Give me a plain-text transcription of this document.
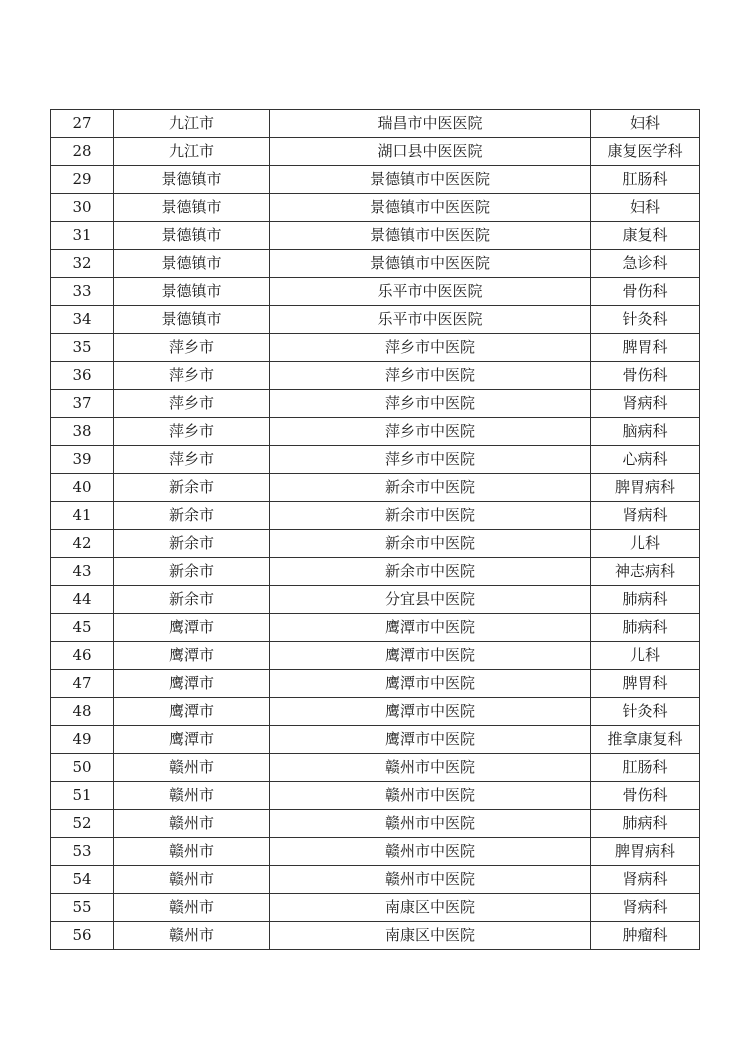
27	九江市	瑞昌市中医医院	妇科
28	九江市	湖口县中医医院	康复医学科
29	景德镇市	景德镇市中医医院	肛肠科
30	景德镇市	景德镇市中医医院	妇科
31	景德镇市	景德镇市中医医院	康复科
32	景德镇市	景德镇市中医医院	急诊科
33	景德镇市	乐平市中医医院	骨伤科
34	景德镇市	乐平市中医医院	针灸科
35	萍乡市	萍乡市中医院	脾胃科
36	萍乡市	萍乡市中医院	骨伤科
37	萍乡市	萍乡市中医院	肾病科
38	萍乡市	萍乡市中医院	脑病科
39	萍乡市	萍乡市中医院	心病科
40	新余市	新余市中医院	脾胃病科
41	新余市	新余市中医院	肾病科
42	新余市	新余市中医院	儿科
43	新余市	新余市中医院	神志病科
44	新余市	分宜县中医院	肺病科
45	鹰潭市	鹰潭市中医院	肺病科
46	鹰潭市	鹰潭市中医院	儿科
47	鹰潭市	鹰潭市中医院	脾胃科
48	鹰潭市	鹰潭市中医院	针灸科
49	鹰潭市	鹰潭市中医院	推拿康复科
50	赣州市	赣州市中医院	肛肠科
51	赣州市	赣州市中医院	骨伤科
52	赣州市	赣州市中医院	肺病科
53	赣州市	赣州市中医院	脾胃病科
54	赣州市	赣州市中医院	肾病科
55	赣州市	南康区中医院	肾病科
56	赣州市	南康区中医院	肿瘤科
